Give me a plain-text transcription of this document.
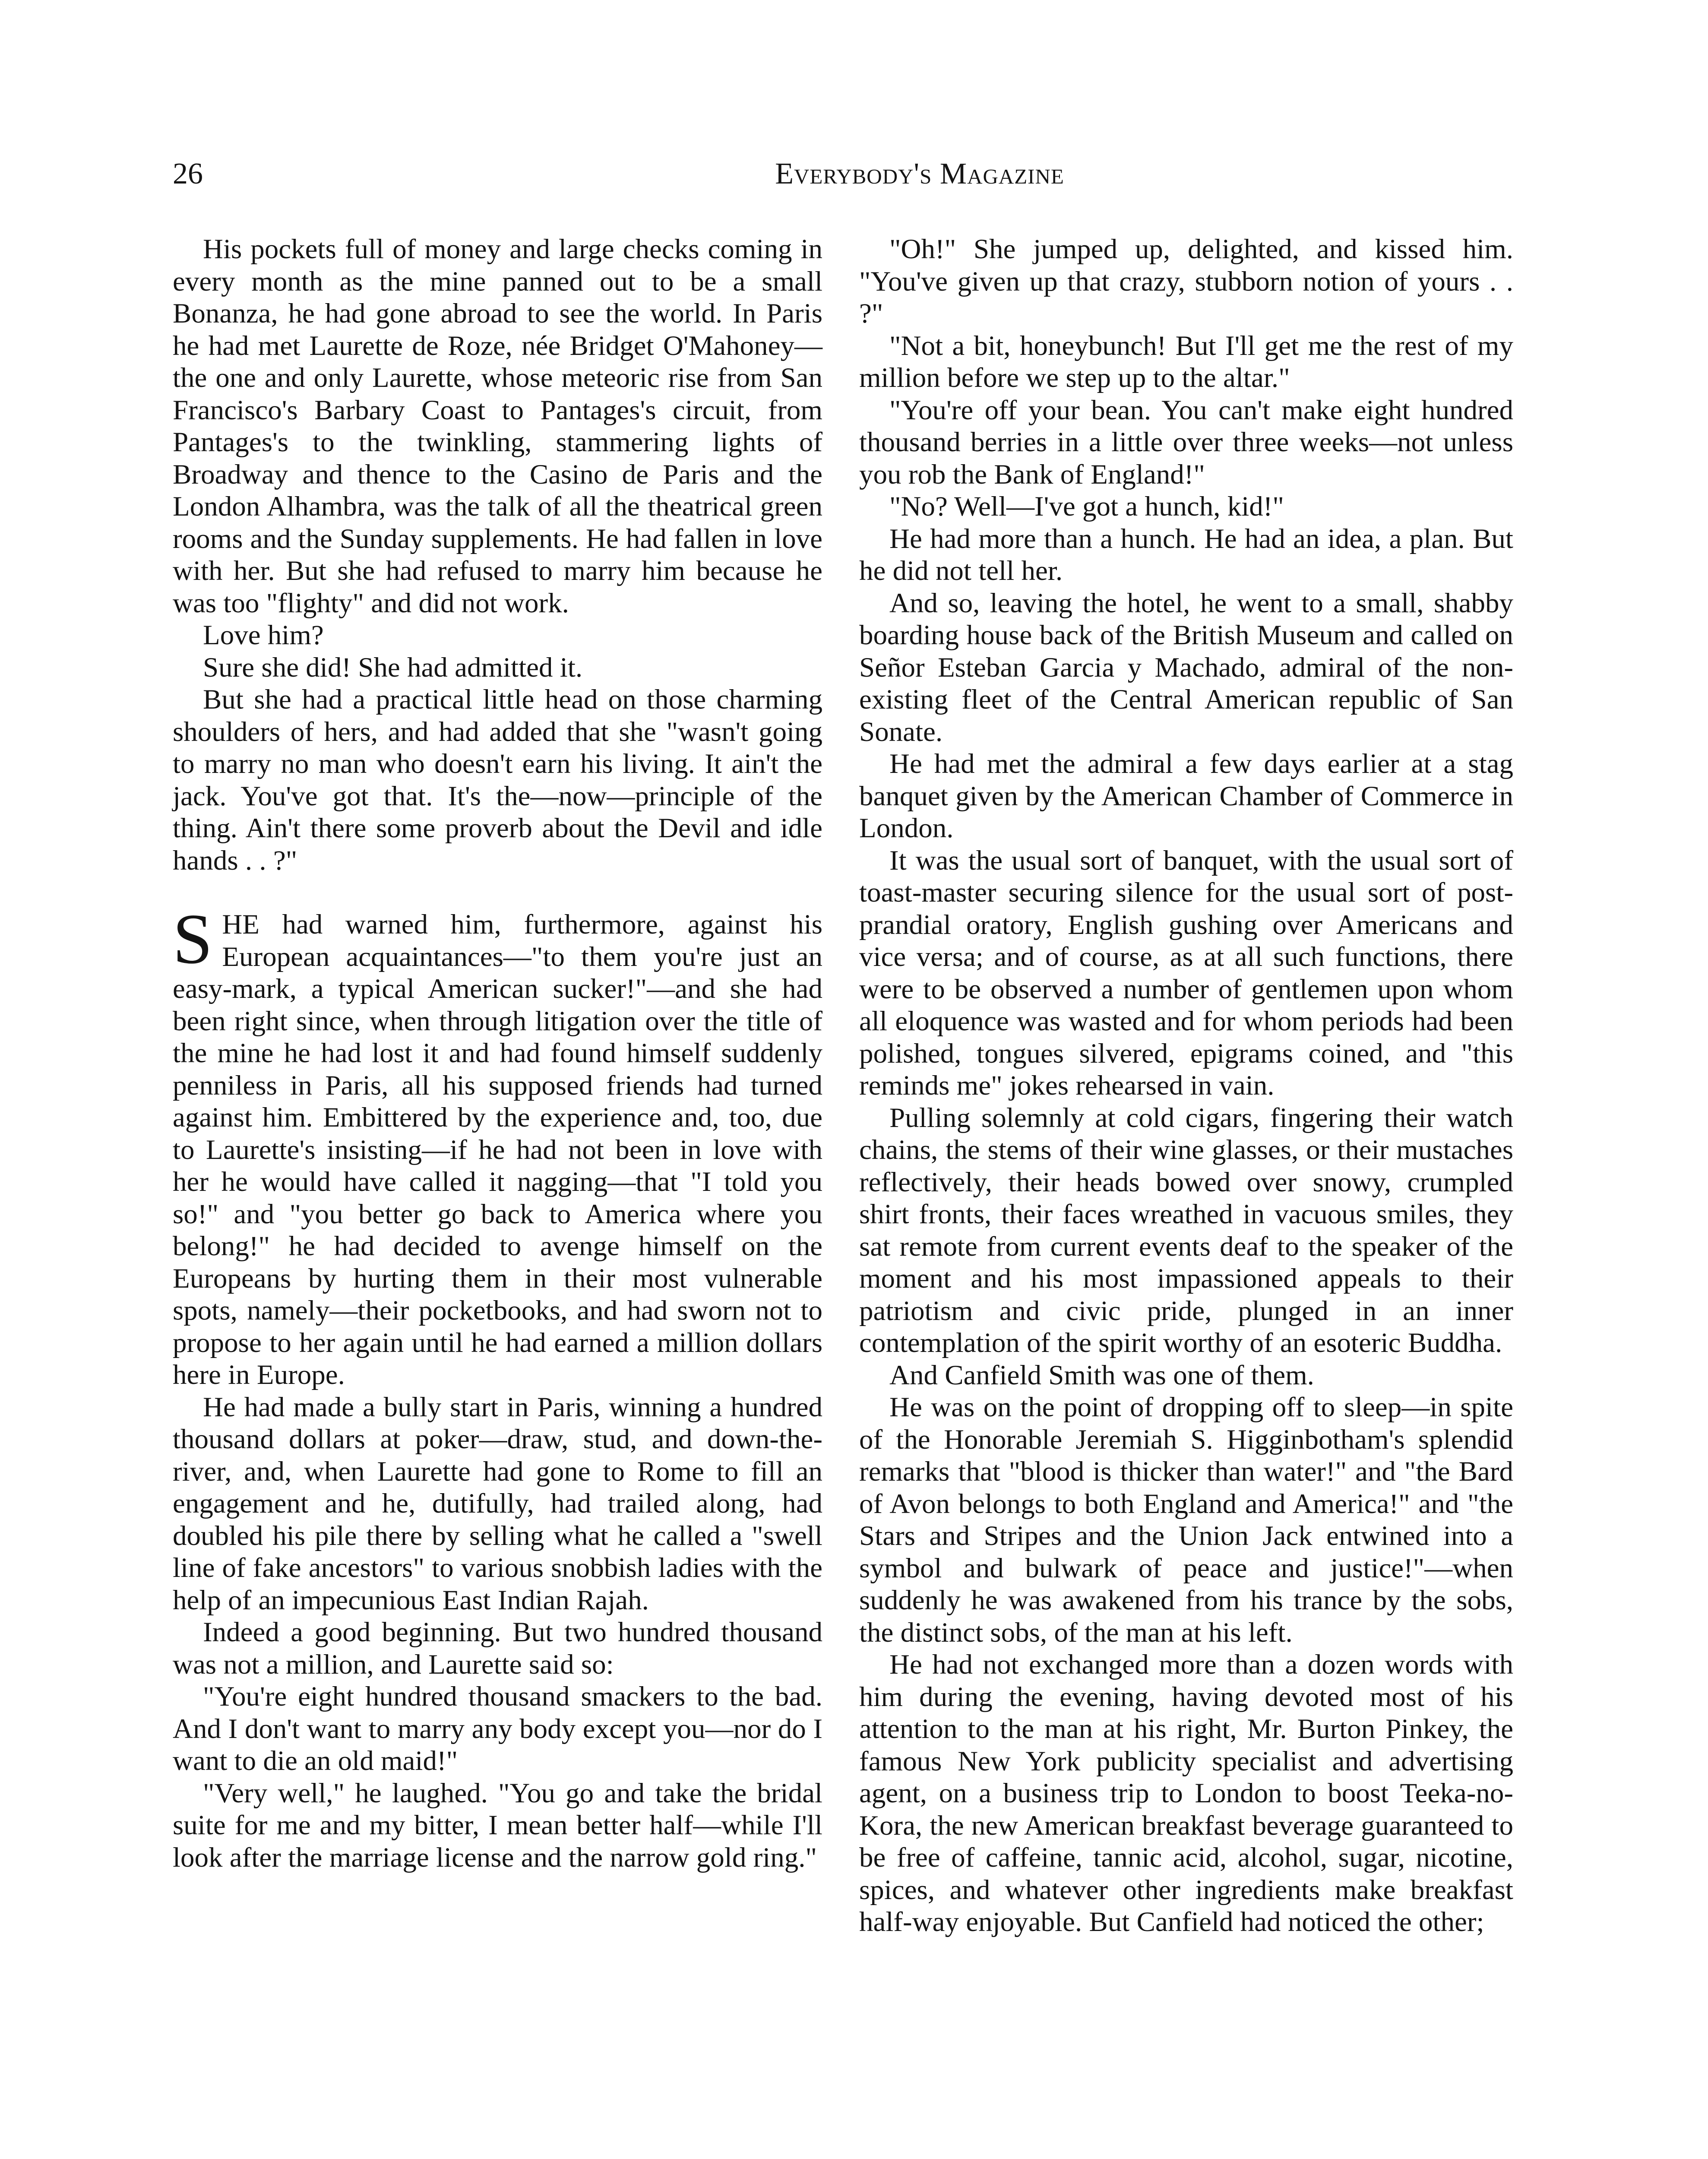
26	Everybody's Magazine

His pockets full of money and large checks coming in every month as the mine panned out to be a small Bonanza, he had gone abroad to see the world. In Paris he had met Laurette de Roze, née Bridget O'Mahoney—the one and only Laurette, whose meteoric rise from San Francisco's Barbary Coast to Pantages's circuit, from Pantages's to the twinkling, stammering lights of Broadway and thence to the Casino de Paris and the London Alhambra, was the talk of all the theatrical green rooms and the Sunday supplements. He had fallen in love with her. But she had refused to marry him because he was too "flighty" and did not work.

Love him?

Sure she did! She had admitted it.

But she had a practical little head on those charming shoulders of hers, and had added that she "wasn't going to marry no man who doesn't earn his living. It ain't the jack. You've got that. It's the—now—principle of the thing. Ain't there some proverb about the Devil and idle hands . . ?"

SHE had warned him, furthermore, against his European acquaintances—"to them you're just an easy-mark, a typical American sucker!"—and she had been right since, when through litigation over the title of the mine he had lost it and had found himself suddenly penniless in Paris, all his supposed friends had turned against him. Embittered by the experience and, too, due to Laurette's insisting—if he had not been in love with her he would have called it nagging—that "I told you so!" and "you better go back to America where you belong!" he had decided to avenge himself on the Europeans by hurting them in their most vulnerable spots, namely—their pocketbooks, and had sworn not to propose to her again until he had earned a million dollars here in Europe.

He had made a bully start in Paris, winning a hundred thousand dollars at poker—draw, stud, and down-the-river, and, when Laurette had gone to Rome to fill an engagement and he, dutifully, had trailed along, had doubled his pile there by selling what he called a "swell line of fake ancestors" to various snobbish ladies with the help of an impecunious East Indian Rajah.

Indeed a good beginning. But two hundred thousand was not a million, and Laurette said so:

"You're eight hundred thousand smackers to the bad. And I don't want to marry any body except you—nor do I want to die an old maid!"

"Very well," he laughed. "You go and take the bridal suite for me and my bitter, I mean better half—while I'll look after the marriage license and the narrow gold ring."

"Oh!" She jumped up, delighted, and kissed him. "You've given up that crazy, stubborn notion of yours . . ?"

"Not a bit, honeybunch! But I'll get me the rest of my million before we step up to the altar."

"You're off your bean. You can't make eight hundred thousand berries in a little over three weeks—not unless you rob the Bank of England!"

"No? Well—I've got a hunch, kid!"

He had more than a hunch. He had an idea, a plan. But he did not tell her.

And so, leaving the hotel, he went to a small, shabby boarding house back of the British Museum and called on Señor Esteban Garcia y Machado, admiral of the non-existing fleet of the Central American republic of San Sonate.

He had met the admiral a few days earlier at a stag banquet given by the American Chamber of Commerce in London.

It was the usual sort of banquet, with the usual sort of toast-master securing silence for the usual sort of post-prandial oratory, English gushing over Americans and vice versa; and of course, as at all such functions, there were to be observed a number of gentlemen upon whom all eloquence was wasted and for whom periods had been polished, tongues silvered, epigrams coined, and "this reminds me" jokes rehearsed in vain.

Pulling solemnly at cold cigars, fingering their watch chains, the stems of their wine glasses, or their mustaches reflectively, their heads bowed over snowy, crumpled shirt fronts, their faces wreathed in vacuous smiles, they sat remote from current events deaf to the speaker of the moment and his most impassioned appeals to their patriotism and civic pride, plunged in an inner contemplation of the spirit worthy of an esoteric Buddha.

And Canfield Smith was one of them.

He was on the point of dropping off to sleep—in spite of the Honorable Jeremiah S. Higginbotham's splendid remarks that "blood is thicker than water!" and "the Bard of Avon belongs to both England and America!" and "the Stars and Stripes and the Union Jack entwined into a symbol and bulwark of peace and justice!"—when suddenly he was awakened from his trance by the sobs, the distinct sobs, of the man at his left.

He had not exchanged more than a dozen words with him during the evening, having devoted most of his attention to the man at his right, Mr. Burton Pinkey, the famous New York publicity specialist and advertising agent, on a business trip to London to boost Teeka-no-Kora, the new American breakfast beverage guaranteed to be free of caffeine, tannic acid, alcohol, sugar, nicotine, spices, and whatever other ingredients make breakfast half-way enjoyable. But Canfield had noticed the other;
